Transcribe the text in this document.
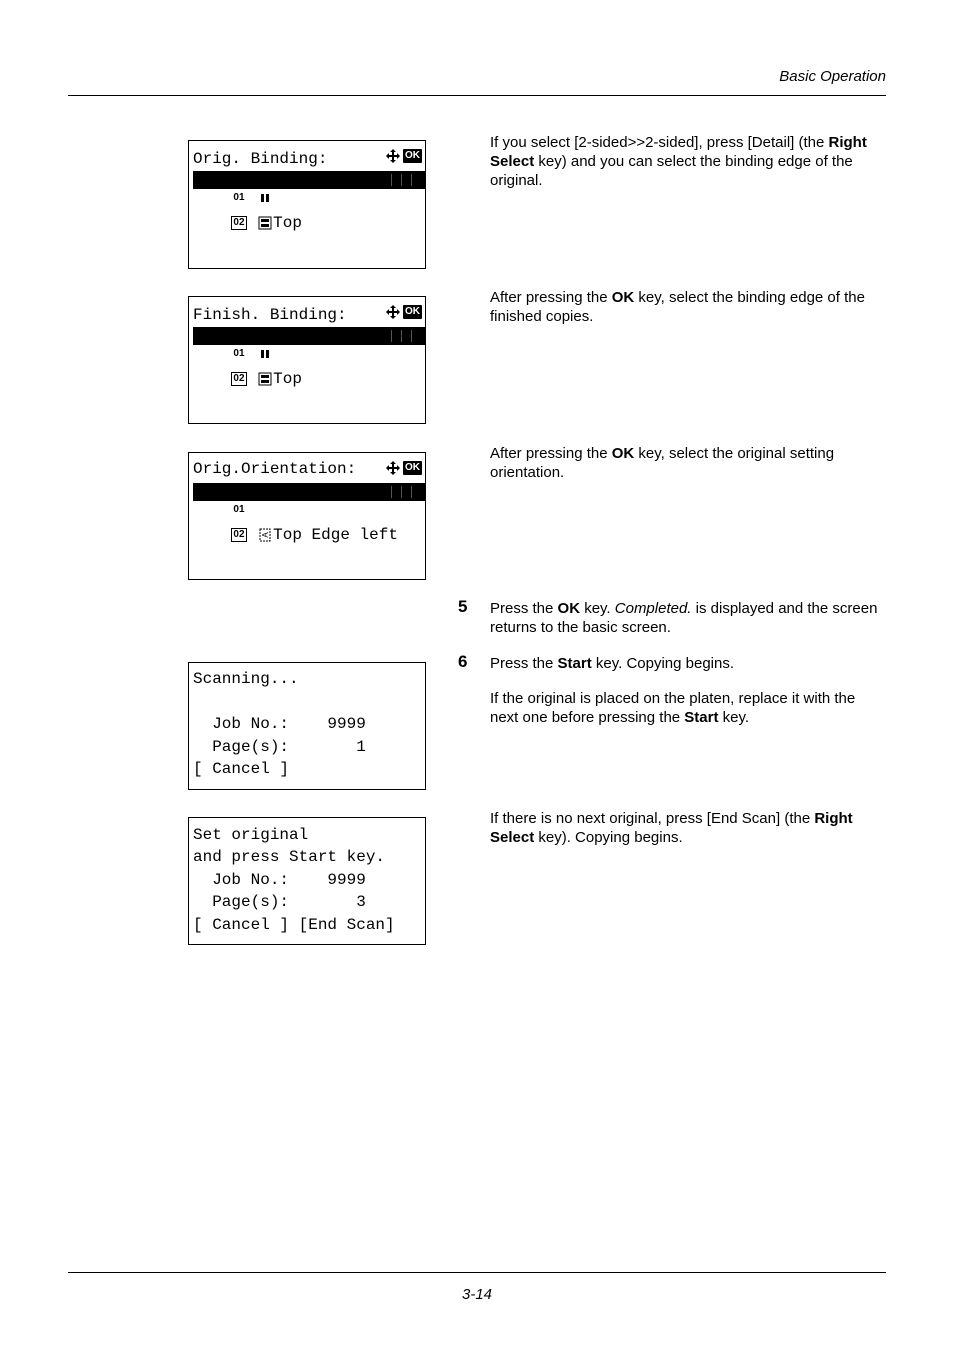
Basic Operation
Orig. Binding:	OK

01 * Left/Right

02 Top

If you select [2-sided>>2-sided], press [Detail] (the Right Select key) and you can select the binding edge of the original.
Finish. Binding:	OK

01 * Left/Right

02 Top

After pressing the OK key, select the binding edge of the finished copies.
Orig.Orientation:	OK

01 * A Top Edge Top

02 A Top Edge left

After pressing the OK key, select the original setting orientation.
5 Press the OK key. Completed. is displayed and the screen returns to the basic screen.
6 Press the Start key. Copying begins.
If the original is placed on the platen, replace it with the next one before pressing the Start key.
Scanning...
Job No.:    9999
Page(s):       1
[ Cancel ]
Set original
and press Start key.
Job No.:    9999
Page(s):       3
[ Cancel ] [End Scan]
If there is no next original, press [End Scan] (the Right Select key). Copying begins.
3-14
